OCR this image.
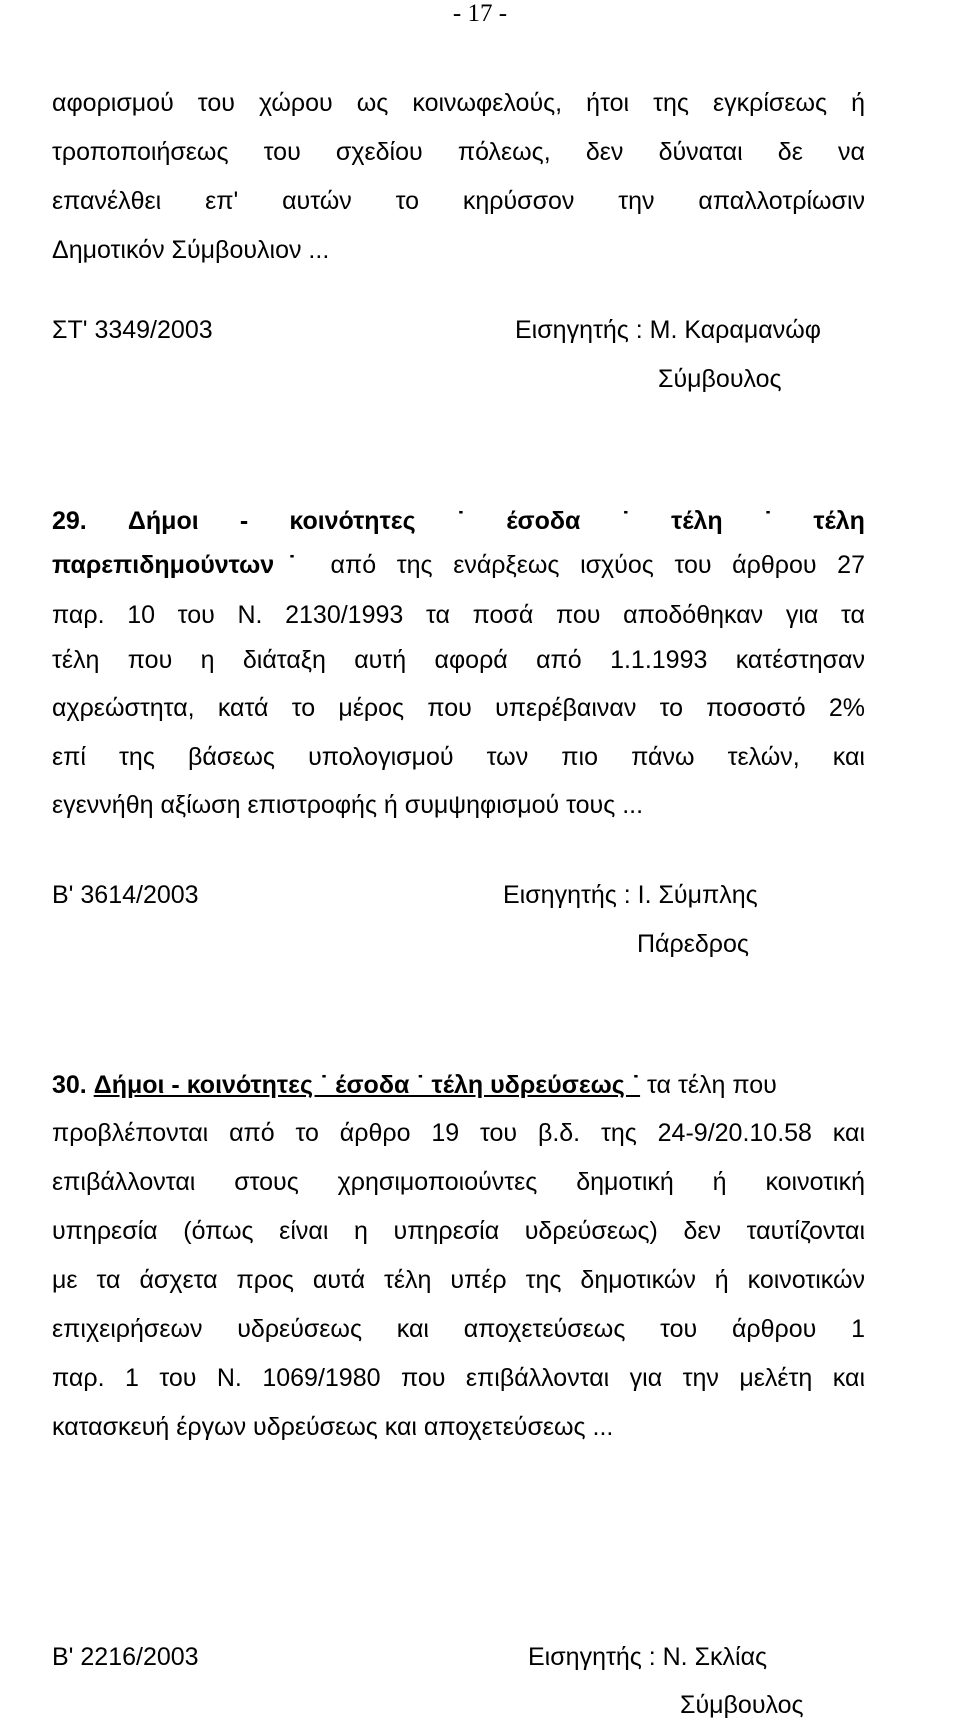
- 17 -
αφορισμού του χώρου ως κοινωφελούς, ήτοι της εγκρίσεως ή
τροποποιήσεως του σχεδίου πόλεως, δεν δύναται δε να
επανέλθει επ' αυτών το κηρύσσον την απαλλοτρίωσιν
Δημοτικόν Σύμβουλιον ...
ΣΤ' 3349/2003	Εισηγητής : Μ. Καραμανώφ
Σύμβουλος
29. Δήμοι - κοινότητες ˙ έσοδα ˙ τέλη ˙ τέλη
παρεπιδημούντων˙ από της ενάρξεως ισχύος του άρθρου 27
παρ. 10 του Ν. 2130/1993 τα ποσά που αποδόθηκαν για τα
τέλη που η διάταξη αυτή αφορά από 1.1.1993 κατέστησαν
αχρεώστητα, κατά το μέρος που υπερέβαιναν το ποσοστό 2%
επί της βάσεως υπολογισμού των πιο πάνω τελών, και
εγεννήθη αξίωση επιστροφής ή συμψηφισμού τους ...
Β' 3614/2003	Εισηγητής : Ι. Σύμπλης
Πάρεδρος
30. Δήμοι - κοινότητες ˙ έσοδα ˙ τέλη υδρεύσεως ˙ τα τέλη που
προβλέπονται από το άρθρο 19 του β.δ. της 24-9/20.10.58 και
επιβάλλονται στους χρησιμοποιούντες δημοτική ή κοινοτική
υπηρεσία (όπως είναι η υπηρεσία υδρεύσεως) δεν ταυτίζονται
με τα άσχετα προς αυτά τέλη υπέρ της δημοτικών ή κοινοτικών
επιχειρήσεων υδρεύσεως και αποχετεύσεως του άρθρου 1
παρ. 1 του Ν. 1069/1980 που επιβάλλονται για την μελέτη και
κατασκευή έργων υδρεύσεως και αποχετεύσεως ...
Β' 2216/2003	Εισηγητής : Ν. Σκλίας
Σύμβουλος
